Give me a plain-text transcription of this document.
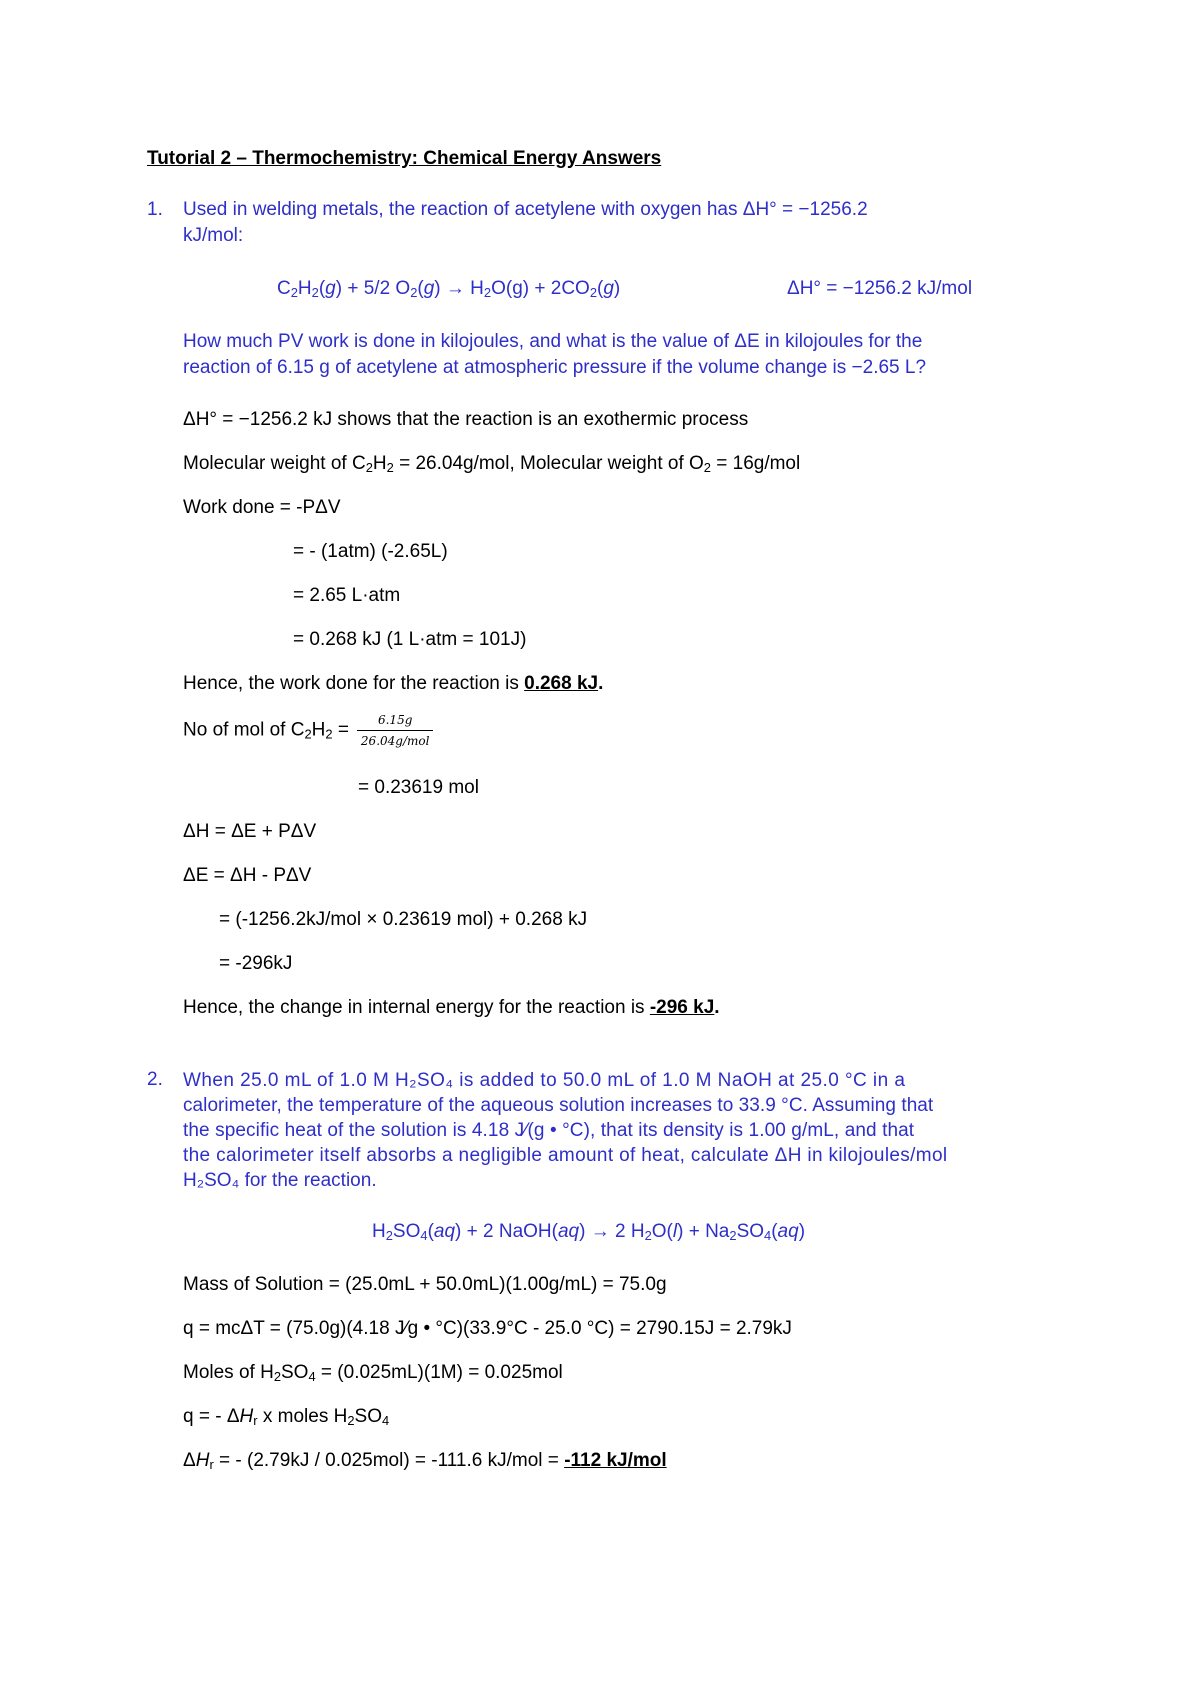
Tutorial 2 – Thermochemistry: Chemical Energy Answers
1. Used in welding metals, the reaction of acetylene with oxygen has ΔH° = −1256.2
kJ/mol:
$C_2H_2(g) + 5/2$ $O_2(g) \to H_2O(g) + 2CO_2(g)$	ΔH° = −1256.2 kJ/mol
How much PV work is done in kilojoules, and what is the value of ΔE in kilojoules for the
reaction of 6.15 g of acetylene at atmospheric pressure if the volume change is −2.65 L?
ΔH° = −1256.2 kJ shows that the reaction is an exothermic process
Molecular weight of $C_2H_2 = 26.04g/mol$, Molecular weight of $O_2 = 16g/mol$
Work done = -PΔV
= - (1atm) (-2.65L)
= 2.65 L·atm
= 0.268 kJ (1 L·atm = 101J)
Hence, the work done for the reaction is 0.268 kJ.
No of mol of $C_2H_2 = \frac{6.15g}{\text{26.04g/mol}}$
= 0.23619 mol
ΔH = ΔE + PΔV
ΔE = ΔH - PΔV
= (-1256.2kJ/mol × 0.23619 mol) + 0.268 kJ
= -296kJ
Hence, the change in internal energy for the reaction is -296 kJ.
2. When 25.0 mL of 1.0 M H₂SO₄ is added to 50.0 mL of 1.0 M NaOH at 25.0 °C in a
calorimeter, the temperature of the aqueous solution increases to 33.9 °C. Assuming that
the specific heat of the solution is 4.18 J⁄(g • °C), that its density is 1.00 g/mL, and that
the calorimeter itself absorbs a negligible amount of heat, calculate ΔH in kilojoules/mol
H₂SO₄ for the reaction.
$H_2SO_4(aq) + 2$ NaOH(aq) → 2 $H_2O(l) + Na_2SO_4(aq)$
Mass of Solution = (25.0mL + 50.0mL)(1.00g/mL) = 75.0g
q = mcΔT = (75.0g)(4.18 J⁄g • °C)(33.9°C - 25.0 °C) = 2790.15J = 2.79kJ
Moles of $H_2SO_4 = (0.025mL)(1M) = 0.025mol$
q = - $\Delta H_r$ x moles $H_2SO_4$
$\Delta H_r$ = - (2.79kJ / 0.025mol) = -111.6 kJ/mol = -112 kJ/mol
